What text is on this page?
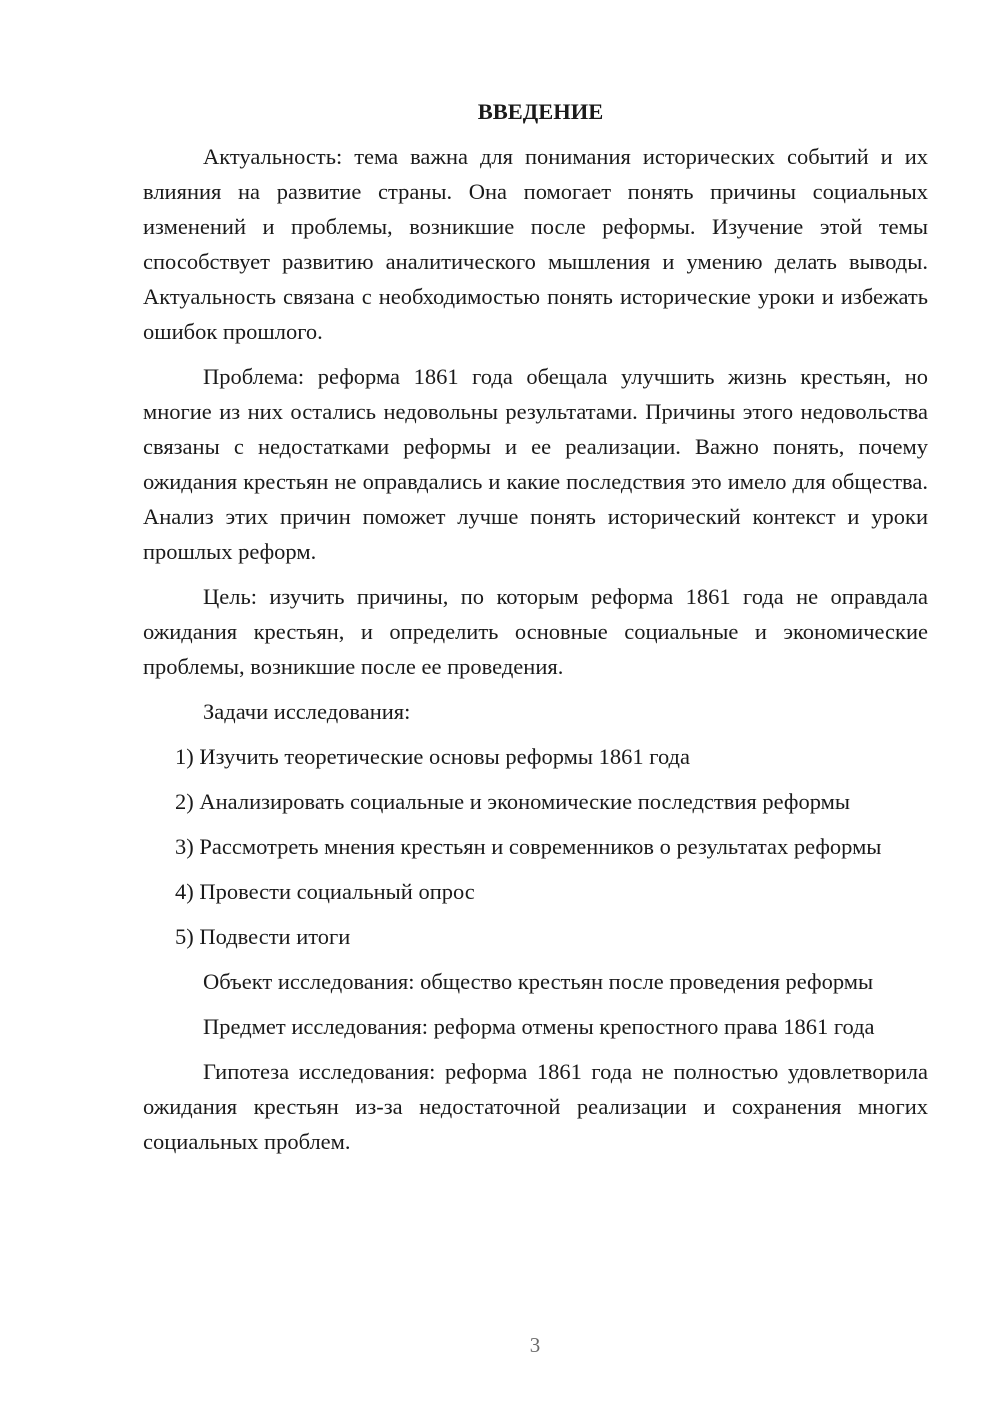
ВВЕДЕНИЕ

Актуальность: тема важна для понимания исторических событий и их влияния на развитие страны. Она помогает понять причины социальных изменений и проблемы, возникшие после реформы. Изучение этой темы способствует развитию аналитического мышления и умению делать выводы. Актуальность связана с необходимостью понять исторические уроки и избежать ошибок прошлого.

Проблема: реформа 1861 года обещала улучшить жизнь крестьян, но многие из них остались недовольны результатами. Причины этого недовольства связаны с недостатками реформы и ее реализации. Важно понять, почему ожидания крестьян не оправдались и какие последствия это имело для общества. Анализ этих причин поможет лучше понять исторический контекст и уроки прошлых реформ.

Цель: изучить причины, по которым реформа 1861 года не оправдала ожидания крестьян, и определить основные социальные и экономические проблемы, возникшие после ее проведения.

Задачи исследования:

1) Изучить теоретические основы реформы 1861 года

2) Анализировать социальные и экономические последствия реформы

3) Рассмотреть мнения крестьян и современников о результатах реформы

4) Провести социальный опрос

5) Подвести итоги

Объект исследования: общество крестьян после проведения реформы

Предмет исследования: реформа отмены крепостного права 1861 года

Гипотеза исследования: реформа 1861 года не полностью удовлетворила ожидания крестьян из-за недостаточной реализации и сохранения многих социальных проблем.

3
